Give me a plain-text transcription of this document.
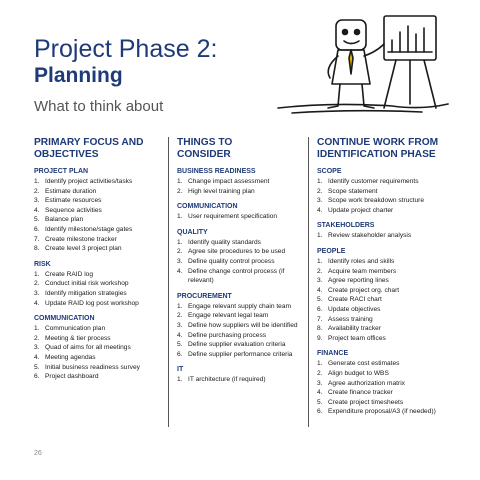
Project Phase 2:
Planning
What to think about
PRIMARY FOCUS AND
OBJECTIVES
PROJECT PLAN
1. Identify project activities/tasks
2. Estimate duration
3. Estimate resources
4. Sequence activities
5. Balance plan
6. Identify milestone/stage gates
7. Create milestone tracker
8. Create level 3 project plan
RISK
1. Create RAID log
2. Conduct initial risk workshop
3. Identify mitigation strategies
4. Update RAID log post workshop
COMMUNICATION
1. Communication plan
2. Meeting & tier process
3. Quad of aims for all meetings
4. Meeting agendas
5. Initial business readiness survey
6. Project dashboard
THINGS TO
CONSIDER
BUSINESS READINESS
1. Change impact assessment
2. High level training plan
COMMUNICATION
1. User requirement specification
QUALITY
1. Identify quality standards
2. Agree site procedures to be used
3. Define quality control process
4. Define change control process (if relevant)
PROCUREMENT
1. Engage relevant supply chain team
2. Engage relevant legal team
3. Define how suppliers will be identified
4. Define purchasing process
5. Define supplier evaluation criteria
6. Define supplier performance criteria
IT
1. IT architecture (if required)
CONTINUE WORK FROM
IDENTIFICATION PHASE
SCOPE
1. Identify customer requirements
2. Scope statement
3. Scope work breakdown structure
4. Update project charter
STAKEHOLDERS
1. Review stakeholder analysis
PEOPLE
1. Identify roles and skills
2. Acquire team members
3. Agree reporting lines
4. Create project org. chart
5. Create RACI chart
6. Update objectives
7. Assess training
8. Availability tracker
9. Project team offices
FINANCE
1. Generate cost estimates
2. Align budget to WBS
3. Agree authorization matrix
4. Create finance tracker
5. Create project timesheets
6. Expenditure proposal/A3 (if needed))
26
